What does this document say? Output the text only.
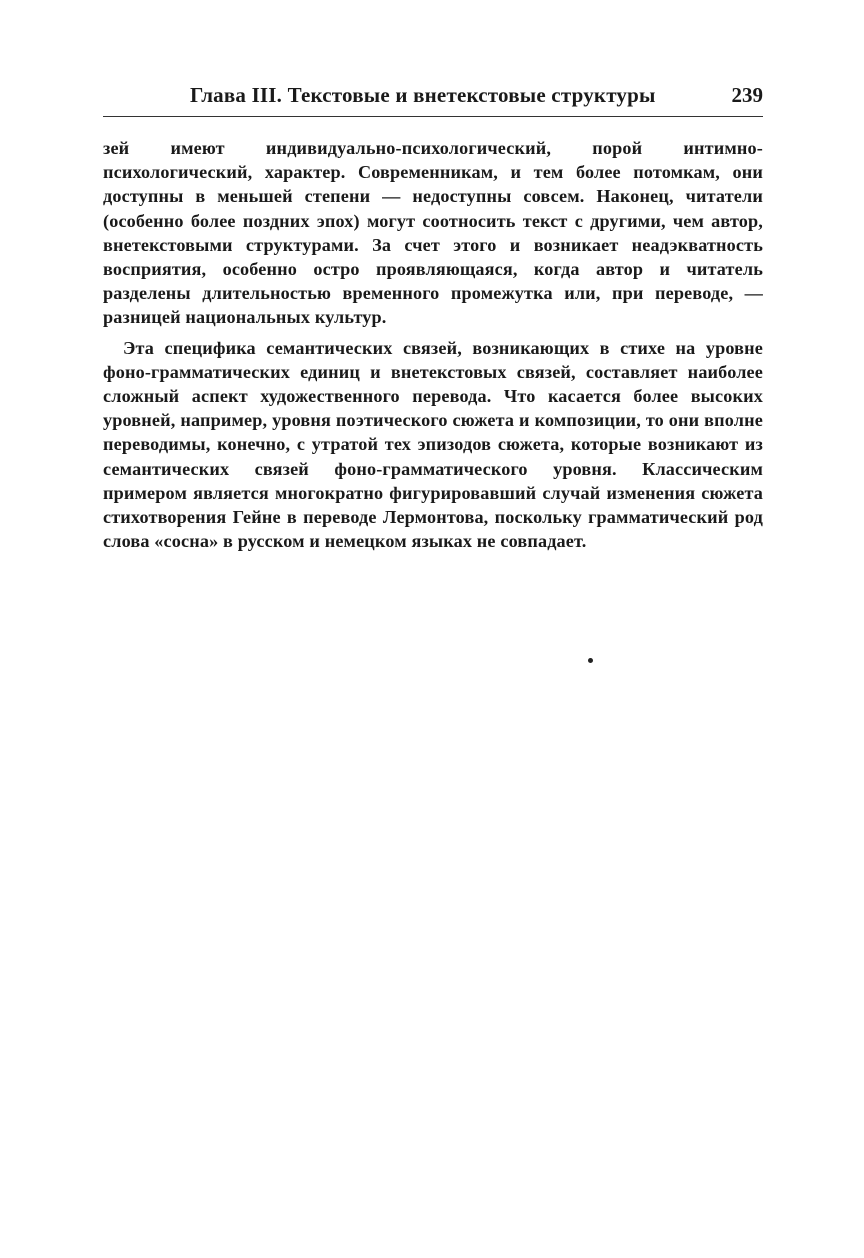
Глава III. Текстовые и внетекстовые структуры	239

зей имеют индивидуально-психологический, порой интимно-психологический, характер. Современникам, и тем более потомкам, они доступны в меньшей степени — недоступны совсем. Наконец, читатели (особенно более поздних эпох) могут соотносить текст с другими, чем автор, внетекстовыми структурами. За счет этого и возникает неадэкватность восприятия, особенно остро проявляющаяся, когда автор и читатель разделены длительностью временного промежутка или, при переводе, — разницей национальных культур.

Эта специфика семантических связей, возникающих в стихе на уровне фоно-грамматических единиц и внетекстовых связей, составляет наиболее сложный аспект художественного перевода. Что касается более высоких уровней, например, уровня поэтического сюжета и композиции, то они вполне переводимы, конечно, с утратой тех эпизодов сюжета, которые возникают из семантических связей фоно-грамматического уровня. Классическим примером является многократно фигурировавший случай изменения сюжета стихотворения Гейне в переводе Лермонтова, поскольку грамматический род слова «сосна» в русском и немецком языках не совпадает.
